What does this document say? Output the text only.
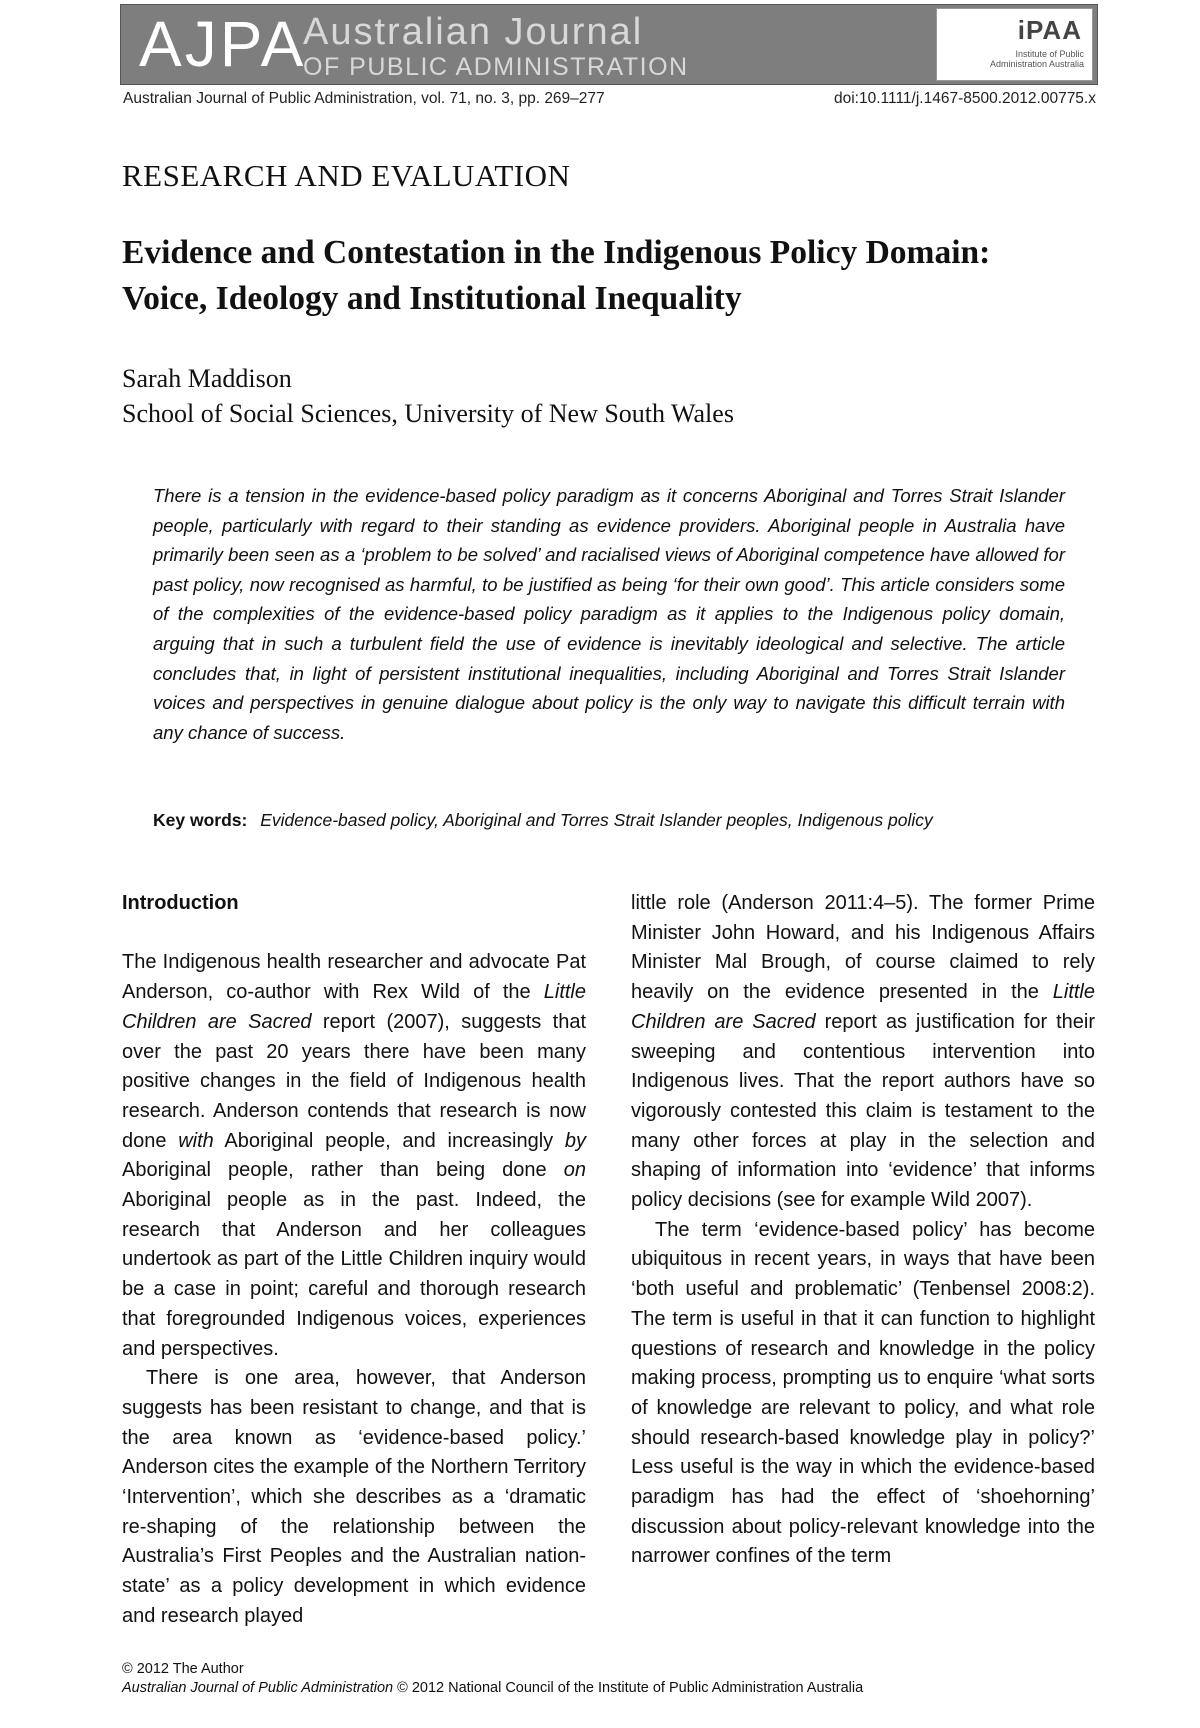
AJPA
Australian Journal
OF PUBLIC ADMINISTRATION
iPAA
Institute of Public Administration Australia
Australian Journal of Public Administration, vol. 71, no. 3, pp. 269–277	doi:10.1111/j.1467-8500.2012.00775.x
RESEARCH AND EVALUATION
Evidence and Contestation in the Indigenous Policy Domain: Voice, Ideology and Institutional Inequality
Sarah Maddison
School of Social Sciences, University of New South Wales

There is a tension in the evidence-based policy paradigm as it concerns Aboriginal and Torres Strait Islander people, particularly with regard to their standing as evidence providers. Aboriginal people in Australia have primarily been seen as a ‘problem to be solved’ and racialised views of Aboriginal competence have allowed for past policy, now recognised as harmful, to be justified as being ‘for their own good’. This article considers some of the complexities of the evidence-based policy paradigm as it applies to the Indigenous policy domain, arguing that in such a turbulent field the use of evidence is inevitably ideological and selective. The article concludes that, in light of persistent institutional inequalities, including Aboriginal and Torres Strait Islander voices and perspectives in genuine dialogue about policy is the only way to navigate this difficult terrain with any chance of success.

Key words: Evidence-based policy, Aboriginal and Torres Strait Islander peoples, Indigenous policy
Introduction

The Indigenous health researcher and advocate Pat Anderson, co-author with Rex Wild of the Little Children are Sacred report (2007), suggests that over the past 20 years there have been many positive changes in the field of Indigenous health research. Anderson contends that research is now done with Aboriginal people, and increasingly by Aboriginal people, rather than being done on Aboriginal people as in the past. Indeed, the research that Anderson and her colleagues undertook as part of the Little Children inquiry would be a case in point; careful and thorough research that foregrounded Indigenous voices, experiences and perspectives.

There is one area, however, that Anderson suggests has been resistant to change, and that is the area known as ‘evidence-based policy.’ Anderson cites the example of the Northern Territory ‘Intervention’, which she describes as a ‘dramatic re-shaping of the relationship between the Australia’s First Peoples and the Australian nation-state’ as a policy development in which evidence and research played

little role (Anderson 2011:4–5). The former Prime Minister John Howard, and his Indigenous Affairs Minister Mal Brough, of course claimed to rely heavily on the evidence presented in the Little Children are Sacred report as justification for their sweeping and contentious intervention into Indigenous lives. That the report authors have so vigorously contested this claim is testament to the many other forces at play in the selection and shaping of information into ‘evidence’ that informs policy decisions (see for example Wild 2007).

The term ‘evidence-based policy’ has become ubiquitous in recent years, in ways that have been ‘both useful and problematic’ (Tenbensel 2008:2). The term is useful in that it can function to highlight questions of research and knowledge in the policy making process, prompting us to enquire ‘what sorts of knowledge are relevant to policy, and what role should research-based knowledge play in policy?’ Less useful is the way in which the evidence-based paradigm has had the effect of ‘shoehorning’ discussion about policy-relevant knowledge into the narrower confines of the term

© 2012 The Author
Australian Journal of Public Administration © 2012 National Council of the Institute of Public Administration Australia
